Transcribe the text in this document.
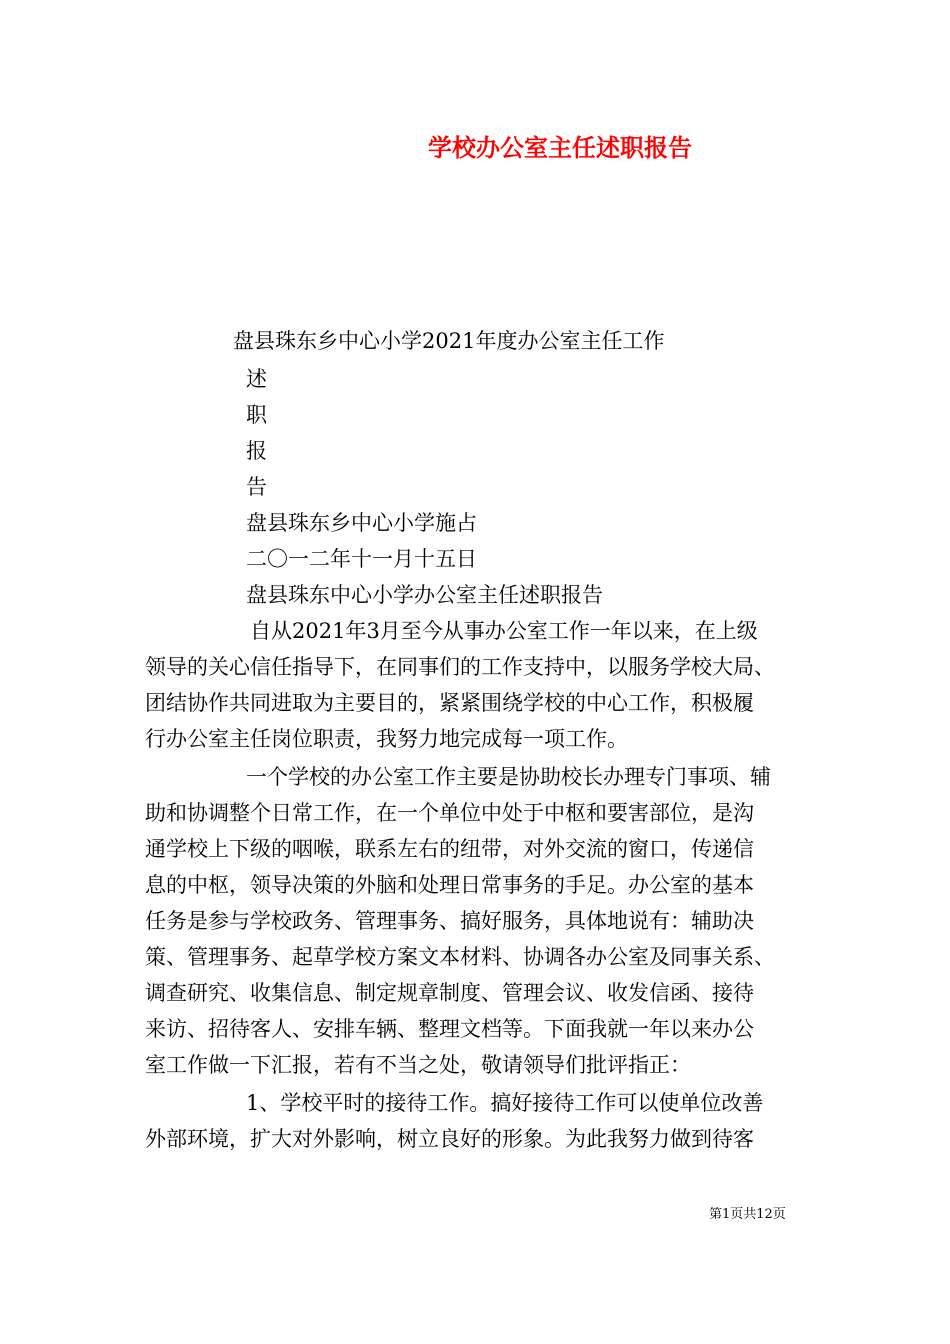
学校办公室主任述职报告

盘县珠东乡中心小学2021年度办公室主任工作

述

职

报

告

盘县珠东乡中心小学施占

二〇一二年十一月十五日

盘县珠东中心小学办公室主任述职报告

自从2021年3月至今从事办公室工作一年以来，在上级

领导的关心信任指导下，在同事们的工作支持中，以服务学校大局、

团结协作共同进取为主要目的，紧紧围绕学校的中心工作，积极履

行办公室主任岗位职责，我努力地完成每一项工作。

一个学校的办公室工作主要是协助校长办理专门事项、辅

助和协调整个日常工作，在一个单位中处于中枢和要害部位，是沟

通学校上下级的咽喉，联系左右的纽带，对外交流的窗口，传递信

息的中枢，领导决策的外脑和处理日常事务的手足。办公室的基本

任务是参与学校政务、管理事务、搞好服务，具体地说有：辅助决

策、管理事务、起草学校方案文本材料、协调各办公室及同事关系、

调查研究、收集信息、制定规章制度、管理会议、收发信函、接待

来访、招待客人、安排车辆、整理文档等。下面我就一年以来办公

室工作做一下汇报，若有不当之处，敬请领导们批评指正：

1、学校平时的接待工作。搞好接待工作可以使单位改善

外部环境，扩大对外影响，树立良好的形象。为此我努力做到待客

第1页共12页
